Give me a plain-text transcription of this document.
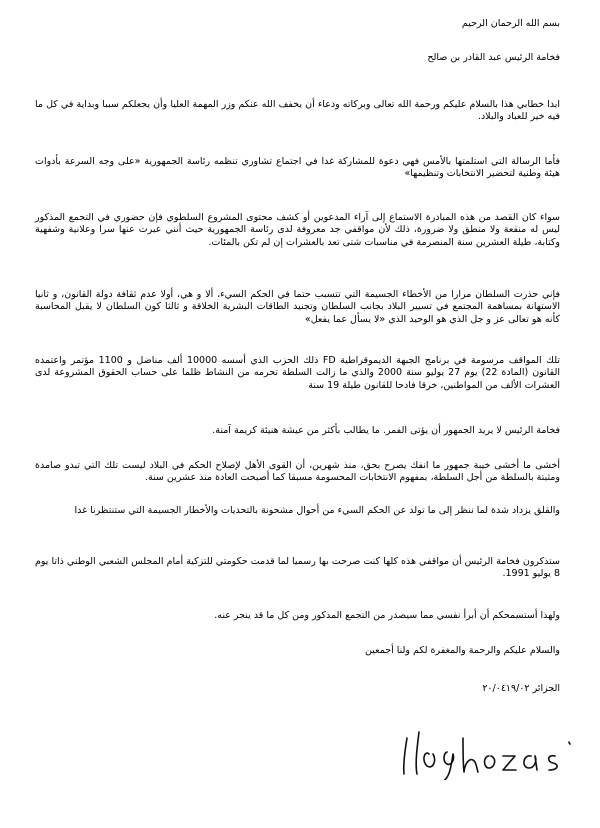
بسم الله الرحمان الرحيم
فخامة الرئيس عبد القادر بن صالح

ابدا خطابي هذا بالسلام عليكم ورحمة الله تعالى وبركاته ودعاء أن يخفف الله عنكم وزر المهمة العليا وأن يجعلكم سببا وبداية في كل ما فيه خير للعباد والبلاد.

فأما الرسالة التي استلمتها بالأمس فهي دعوة للمشاركة غدا في اجتماع تشاوري تنظمه رئاسة الجمهورية «على وجه السرعة بأدوات هيئة وطنية لتحضير الانتخابات وتنظيمها»

سواء كان القصد من هذه المبادرة الاستماع إلى آراء المدعوين أو كشف محتوى المشروع السلطوي فإن حضوري في التجمع المذكور ليس له منفعة ولا منطق ولا ضرورة، ذلك لأن مواقفي جد معروفة لدى رئاسة الجمهورية حيث أنني عبرت عنها سرا وعلانية وشفهية وكتابة، طيلة العشرين سنة المنصرمة في مناسبات شتى تعد بالعشرات إن لم تكن بالمئات.

فإني حذرت السلطان مرارا من الأخطاء الجسيمة التي تتسبب حتما في الحكم السيء، ألا و هي، أولا عدم ثقافة دولة القانون، و ثانيا الاستهانة بمساهمة المجتمع في تسيير البلاد بجانب السلطان وتجنيد الطاقات البشرية الخلاقة و ثالثا كون السلطان لا يقبل المحاسبة كأنه هو تعالى عز و جل الذي هو الوحيد الذي «لا يسأل عما يفعل»

تلك المواقف مرسومة في برنامج الجبهة الديموقراطية FD ذلك الحزب الذي أسسه 10000 ألف مناضل و 1100 مؤتمر واعتمده القانون (المادة 22) يوم 27 يوليو سنة 2000 والذي ما زالت السلطة تحرمه من النشاط ظلما على حساب الحقوق المشروعة لدى العشرات الألف من المواطنين، خرقا فادحا للقانون طيلة 19 سنة

فخامة الرئيس لا يريد الجمهور أن يؤتى الفمر. ما يطالب بأكثر من عيشة هنيئة كريمة آمنة.

أخشى ما أخشى خيبة جمهور ما انفك يصرح بحق، منذ شهرين، أن القوى الأهل لإصلاح الحكم في البلاد ليست تلك التي تبدو صامدة ومثبتة بالسلطة من أجل السلطة، بمفهوم الانتخابات المحسومة مسبقا كما أصبحت العادة منذ عشرين سنة.

والقلق يزداد شدة لما ننظر إلى ما تولد عن الحكم السيء من أحوال مشحونة بالتحديات والأخطار الجسيمة التي ستنتظرنا غدا

ستذكرون فخامة الرئيس أن مواقفي هذه كلها كنت صرحت بها رسميا لما قدمت حكومتي للتزكية أمام المجلس الشعبي الوطني ذاتا يوم 8 يوليو 1991.

ولهذا أستسمحكم أن أبرأ نفسي مما سيصدر من التجمع المذكور ومن كل ما قد ينجر عنه.

والسلام عليكم والرحمة والمغفرة لكم ولنا أجمعين

الجزائر ٢٠/٠٤١٩/٠٢
